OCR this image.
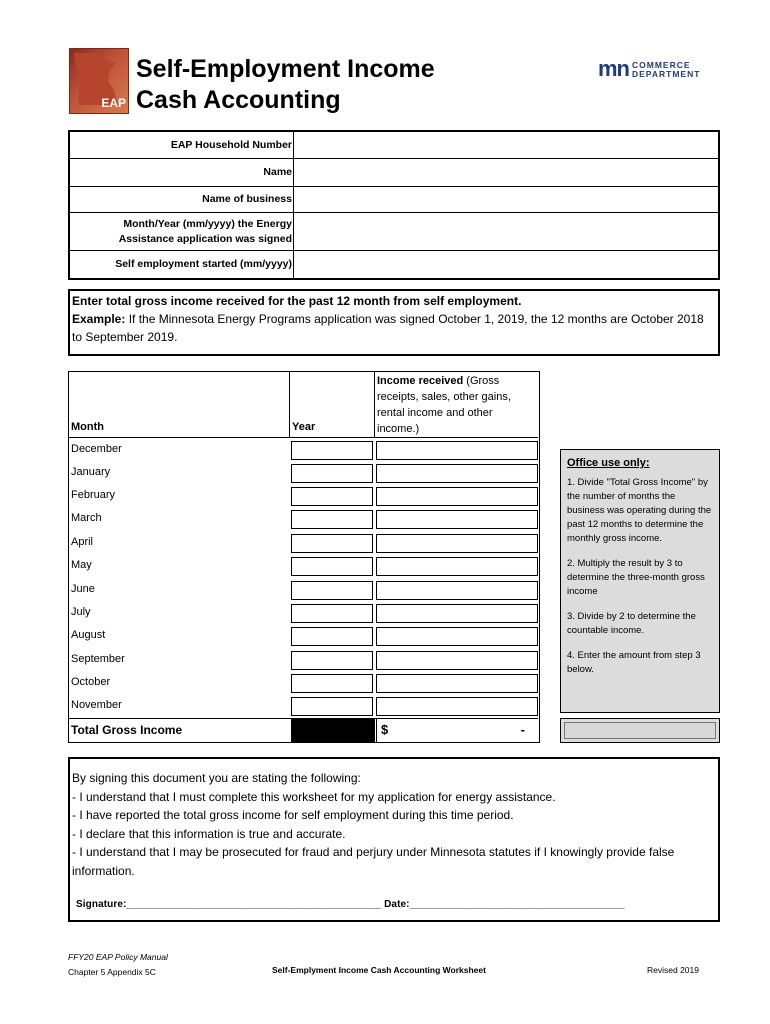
EAP
Self-Employment Income
Cash Accounting
mn COMMERCE
DEPARTMENT
EAP Household Number
Name
Name of business
Month/Year (mm/yyyy) the Energy Assistance application was signed
Self employment started (mm/yyyy)
Enter total gross income received for the past 12 month from self employment.
Example: If the Minnesota Energy Programs application was signed October 1, 2019, the 12 months are October 2018 to September 2019.
Month	Year
Income received (Gross receipts, sales, other gains, rental income and other income.)
December
January
February
March
April
May
June
July
August
September
October
November
Total Gross Income	$	-
Office use only:
1. Divide "Total Gross Income" by the number of months the business was operating during the past 12 months to determine the monthly gross income.
2. Multiply the result by 3 to determine the three-month gross income
3. Divide by 2 to determine the countable income.
4. Enter the amount from step 3 below.
By signing this document you are stating the following:
- I understand that I must complete this worksheet for my application for energy assistance.
- I have reported the total gross income for self employment during this time period.
- I declare that this information is true and accurate.
- I understand that I may be prosecuted for fraud and perjury under Minnesota statutes if I knowingly provide false information.
Signature:_____________________________________________ Date:______________________________________
FFY20 EAP Policy Manual
Chapter 5 Appendix 5C	Self-Emplyment Income Cash Accounting Worksheet	Revised 2019
